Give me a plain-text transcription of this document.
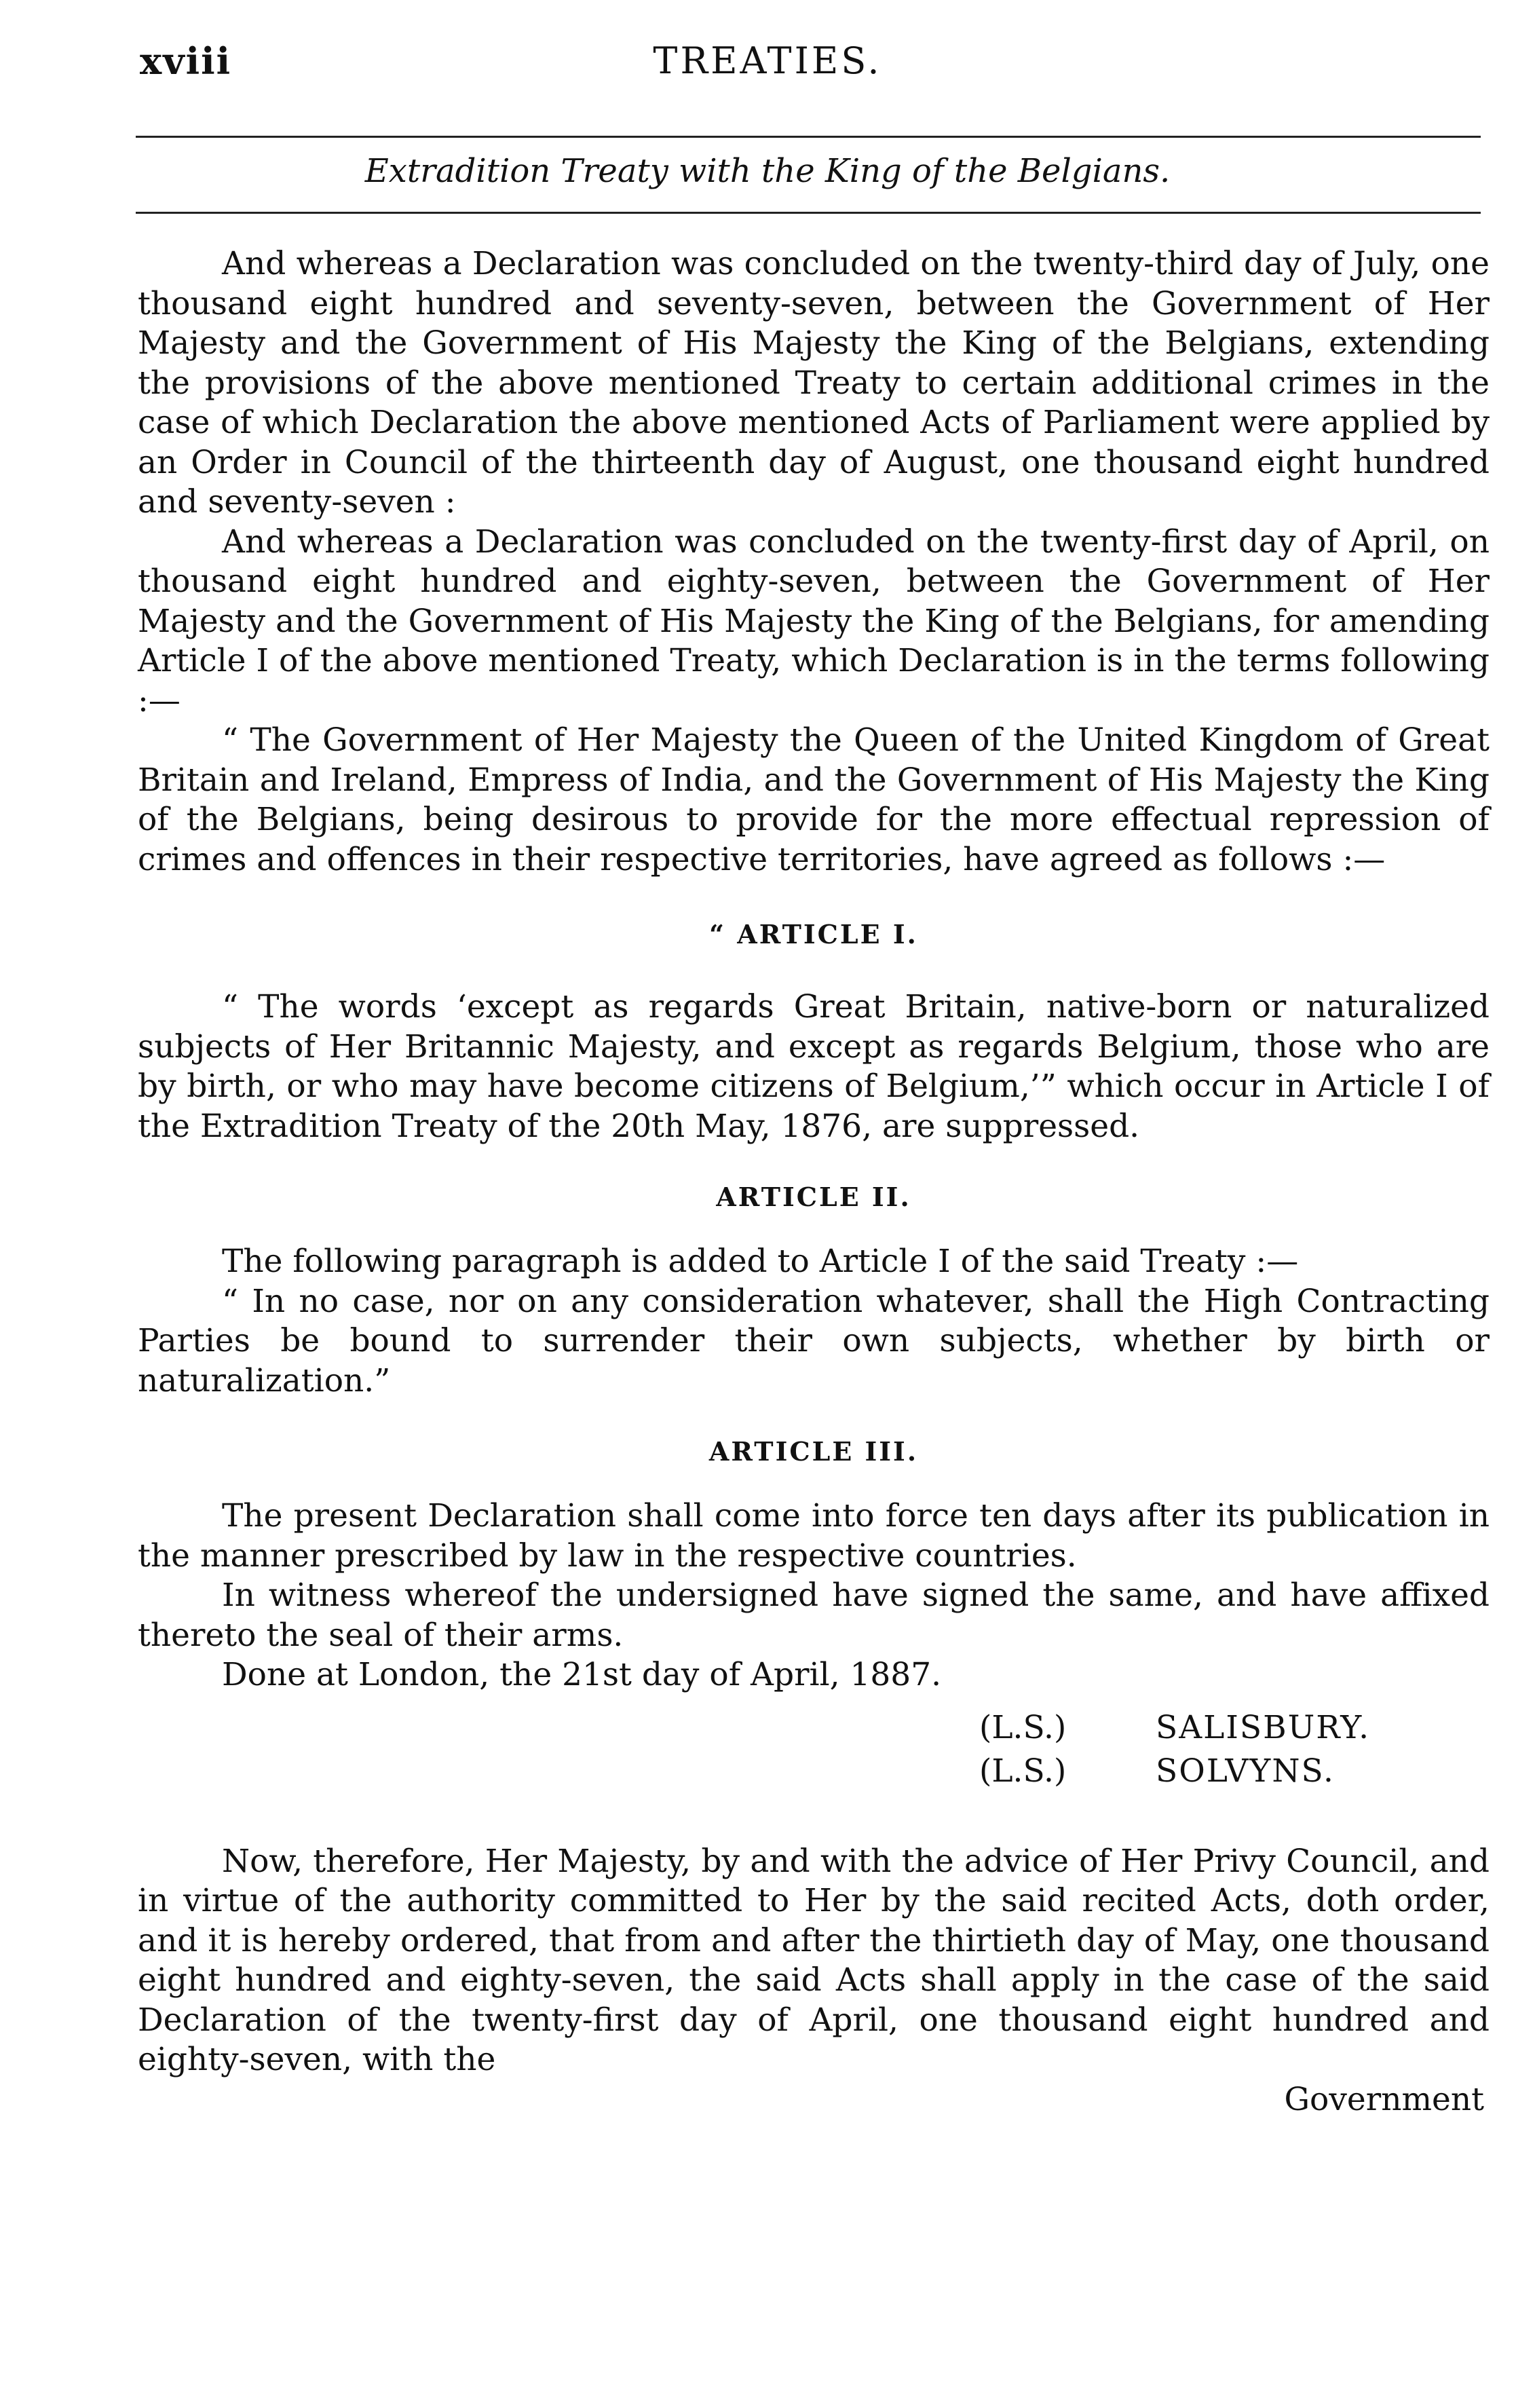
xviii	TREATIES.
Extradition Treaty with the King of the Belgians.

And whereas a Declaration was concluded on the twenty-third day of July, one thousand eight hundred and seventy-seven, between the Government of Her Majesty and the Government of His Majesty the King of the Belgians, extending the provisions of the above mentioned Treaty to certain additional crimes in the case of which Declaration the above mentioned Acts of Parliament were applied by an Order in Council of the thirteenth day of August, one thousand eight hundred and seventy-seven :

And whereas a Declaration was concluded on the twenty-first day of April, on thousand eight hundred and eighty-seven, between the Government of Her Majesty and the Government of His Majesty the King of the Belgians, for amending Article I of the above mentioned Treaty, which Declaration is in the terms following :—

“ The Government of Her Majesty the Queen of the United Kingdom of Great Britain and Ireland, Empress of India, and the Government of His Majesty the King of the Belgians, being desirous to provide for the more effectual repression of crimes and offences in their respective territories, have agreed as follows :—

“ ARTICLE I.

“ The words ‘except as regards Great Britain, native-born or naturalized subjects of Her Britannic Majesty, and except as regards Belgium, those who are by birth, or who may have become citizens of Belgium,’” which occur in Article I of the Extradition Treaty of the 20th May, 1876, are suppressed.

ARTICLE II.

The following paragraph is added to Article I of the said Treaty :—

“ In no case, nor on any consideration whatever, shall the High Contracting Parties be bound to surrender their own subjects, whether by birth or naturalization.”

ARTICLE III.

The present Declaration shall come into force ten days after its publication in the manner prescribed by law in the respective countries.

In witness whereof the undersigned have signed the same, and have affixed thereto the seal of their arms.

Done at London, the 21st day of April, 1887.

(L.S.)	SALISBURY.
(L.S.)	SOLVYNS.

Now, therefore, Her Majesty, by and with the advice of Her Privy Council, and in virtue of the authority committed to Her by the said recited Acts, doth order, and it is hereby ordered, that from and after the thirtieth day of May, one thousand eight hundred and eighty-seven, the said Acts shall apply in the case of the said Declaration of the twenty-first day of April, one thousand eight hundred and eighty-seven, with the

Government
